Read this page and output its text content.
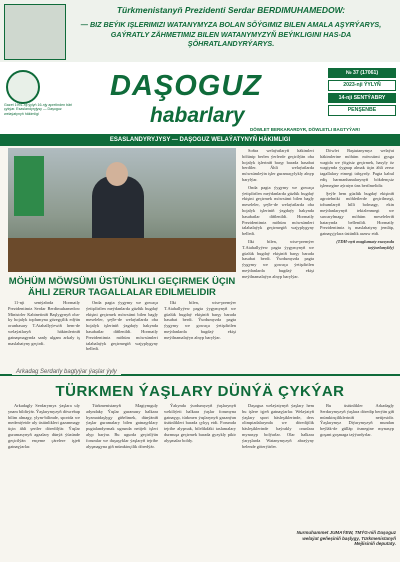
Türkmenistanyň Prezidenti Serdar BERDIMUHAMEDOW:
— BIZ BEÝIK IŞLERIMIZI WATANYMYZA BOLAN SÖÝGIMIZ BILEN AMALA AŞYRÝARYS,
GAÝRATLY ZÄHMETIMIZ BILEN WATANYMYZYŇ BEÝIKLIGINI HAS-DA ŞÖHRATLANDYRÝARYS.
Gazet 1991-nji ýylyň 16-njy aprelinden bäri çykýar. Esaslandyryjysy — Daşoguz welaýatynyň häkimligi
DÖWLET BERKARARDYR, DÖWLETLI BAGTYÝAR!
DAŞOGUZ
habarlary
№ 37 (17061)
2023-nji ÝYLYŇ
14-nji SENTÝABRY
PENŞENBE
ESASLANDYRYJYSY — DAŞOGUZ WELAÝATYNYŇ HÄKIMLIGI
MÖHÜM MÖWSÜMI ÜSTÜNLIKLI GEÇIRMEK ÜÇIN ÄHLI ZERUR TAGALLALAR EDILMELIDIR

11-nji sentýabrda Hormatly Prezidentimiz Serdar Berdimuhamedow Ministrler Kabinetiniň Başlygynyň oba-ky hojalyk toplumyna gözegçilik edýän orunbasary T.Atahallyýewiň hem-de welaýatlaryň häkimleriniň gatnaşmagynda sanly ulgam arkaly iş maslahatyny geçirdi.

Onda pagta ýygymy we gowaça ýetişdirilen meýdanlarda güzlük bugdaý ekişini geçirmek möwsümi bilen bagly meseleler, şeýle-de welaýatlarda oba hojalyk işleriniň ýagdaýy hakynda hasabatlar diňlenildi. Hormatly Prezidentimiz möhüm möwsümleri talabalaýyk geçirmegiň wajyplygyny belledi.

Ilki bilen, wise-premýer T.Atahallyýew pagta ýygymynyň we güzlük bugdaý ekişiniň barşy barada hasabat berdi. Ýurdumyzda pagta ýygymy we gowaça ýetişdirilen meýdanlarda bugdaý ekişi meýilnamalaýyn alnyp barylýar.

Soňra welaýatlaryň häkimleri bölünip berlen ýerlerde geçirilýän oba hojalyk işleriniň barşy barada hasabat berdiler. Ähli welaýatlarda möwsümleýin işler guramaçylykly alnyp barylýar.

Onda pagta ýygymy we gowaça ýetişdirilen meýdanlarda güzlük bugdaý ekişini geçirmek möwsümi bilen bagly meseleler, şeýle-de welaýatlarda oba hojalyk işleriniň ýagdaýy hakynda hasabatlar diňlenildi. Hormatly Prezidentimiz möhüm möwsümleri talabalaýyk geçirmegiň wajyplygyny belledi.

Ilki bilen, wise-premýer T.Atahallyýew pagta ýygymynyň we güzlük bugdaý ekişiniň barşy barada hasabat berdi. Ýurdumyzda pagta ýygymy we gowaça ýetişdirilen meýdanlarda bugdaý ekişi meýilnamalaýyn alnyp barylýar.

Döwlet Baştutanymyz welaýat häkimlerine möhüm möwsümi gysga wagtda we ýitgisiz geçirmek, hasyly öz wagtynda ýygnap almak üçin ähli zerur tagallalary etmegi tabşyrdy. Pagta kabul ediş harmanhanalarynyň bökdençsiz işlemegine aýratyn üns berilmelidir.

Şeýle hem güzlük bugdaý ekişiniň agrotehniki möhletlerde geçirilmegi, tohumlaryň hilli bolmagy, ekin meýdanlarynyň tekizlenmegi we suwarylmagy möhüm meseleleriň hatarynda bellenildi. Hormatly Prezidentimiz iş maslahatyny jemläp, gatnaşyjylara üstünlik arzuw etdi.

(TDH-nyň maglumaty esasynda taýýarlanyldy)

Arkadag Serdarly bagtyýar ýaşlar ýyly
TÜRKMEN ÝAŞLARY DÜNÝÄ ÇYKÝAR

Arkadagly Serdarymyz ýaşlara uly ynam bildirýär. Ýaşlarymyzyň döwrebap bilim almagy, ylym-bilimde, sportda we medeniýetde uly üstünlikleri gazanmagy üçin ähli şertler döredilýär. Ýaşlar guramasynyň agzalary dünýä ýüzünde geçirilýän ençeme çärelere işjeň gatnaşýarlar.

Türkmenistanyň Magtymguly adyndaky Ýaşlar guramasy halkara hyzmatdaşlygy giňeltmek, dünýäniň ýaşlar guramalary bilen gatnaşyklary pugtalandyrmak ugrunda netijeli işleri alyp barýar. Bu ugurda geçirilýän forumlar we duşuşyklar ýaşlaryň tejribe alyşmagyna giň mümkinçilik döredýär.

Ýakynda ýurdumyzyň ýaşlarynyň wekiliýeti halkara ýaşlar forumyna gatnaşyp, türkmen ýaşlarynyň gazanýan üstünlikleri barada çykyş etdi. Forumda tejribe alyşmak, bilelikdäki taslamalary durmuşa geçirmek barada gyzykly pikir alyşmalar boldy.

Daşoguz welaýatynyň ýaşlary hem bu işlere işjeň gatnaşýarlar. Welaýatyň ýaşlary sport bäsleşiklerinde, ders olimpiadalarynda we döredijilik bäsleşiklerinde baýrakly orunlara mynasyp bolýarlar. Olar halkara ýaryşlarda Watanymyzyň abraýyny belende göterýärler.

Bu üstünlikler Arkadagly Serdarymyzyň ýaşlara döredip berýän giň mümkinçilikleriniň netijesidir. Ýaşlarymyz Diýarymyzyň mundan beýläk-de gülläp ösmegine mynasyp goşant goşmaga taýýardyrlar.

Nurmuhammet JUMAÝEW, TMÝG-niň Daşoguz welaýat geňeşiniň başlygy, Türkmenistanyň Mejlisiniň deputaty.
